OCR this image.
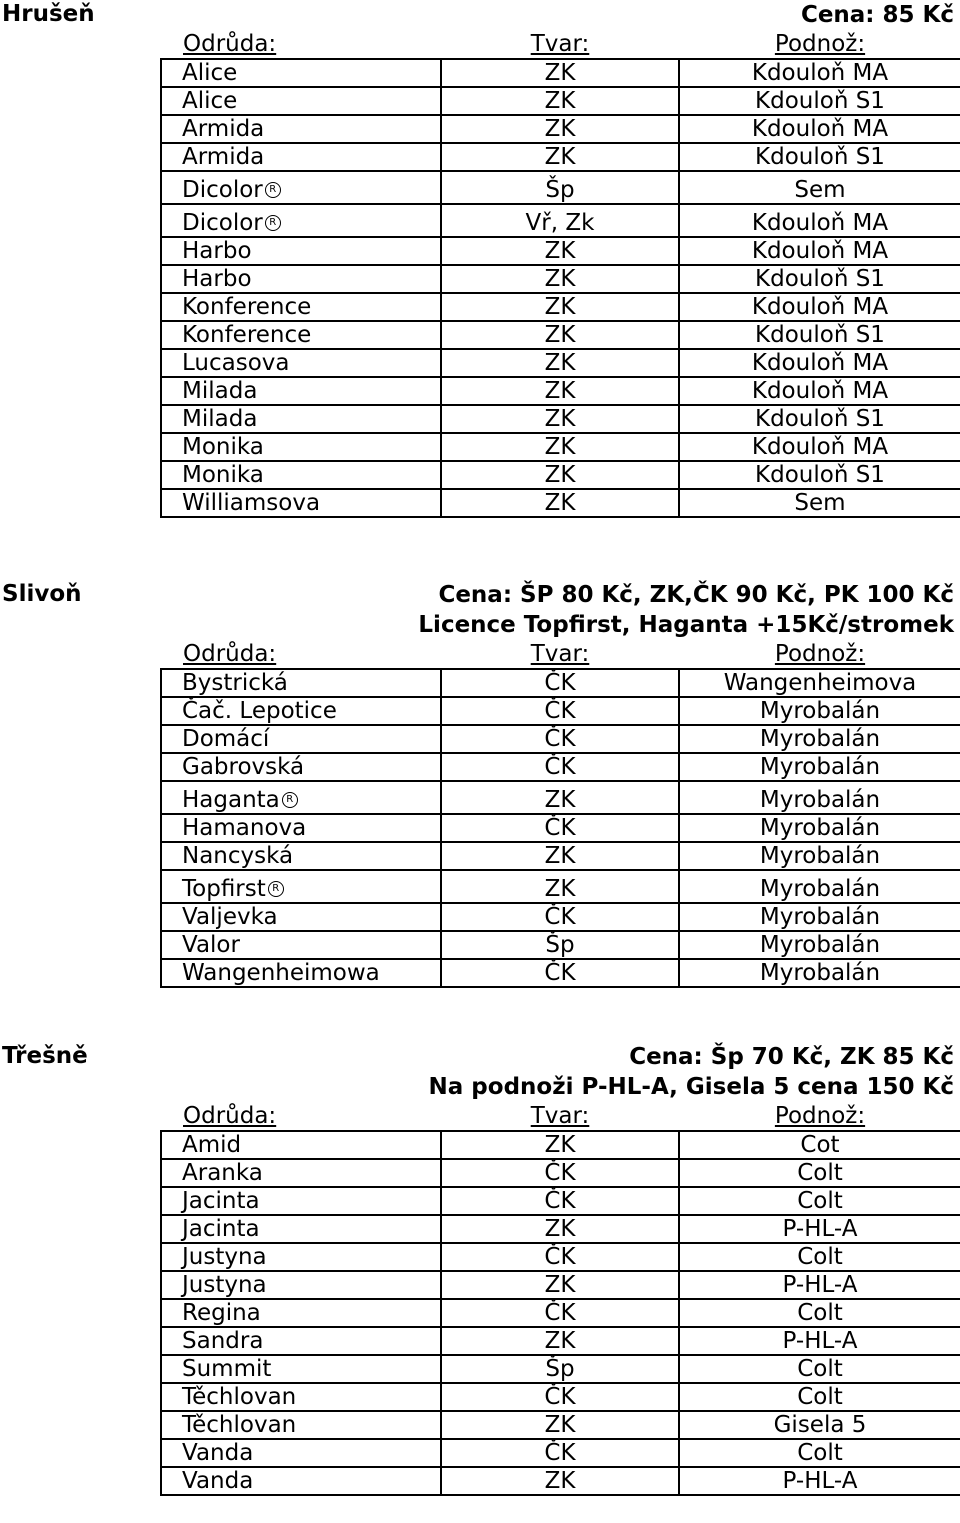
Hrušeň	Cena: 85 Kč
Odrůda:	Tvar:	Podnož:
Alice	ZK	Kdouloň MA
Alice	ZK	Kdouloň S1
Armida	ZK	Kdouloň MA
Armida	ZK	Kdouloň S1
Dicolor $^R$	Šp	Sem
Dicolor $^R$	Vř, Zk	Kdouloň MA
Harbo	ZK	Kdouloň MA
Harbo	ZK	Kdouloň S1
Konference	ZK	Kdouloň MA
Konference	ZK	Kdouloň S1
Lucasova	ZK	Kdouloň MA
Milada	ZK	Kdouloň MA
Milada	ZK	Kdouloň S1
Monika	ZK	Kdouloň MA
Monika	ZK	Kdouloň S1
Williamsova	ZK	Sem
Slivoň	Cena: ŠP 80 Kč, ZK,ČK 90 Kč, PK 100 Kč
Licence Topfirst, Haganta +15Kč/stromek
Odrůda:	Tvar:	Podnož:
Bystrická	ČK	Wangenheimova
Čač. Lepotice	ČK	Myrobalán
Domácí	ČK	Myrobalán
Gabrovská	ČK	Myrobalán
Haganta $^R$	ZK	Myrobalán
Hamanova	ČK	Myrobalán
Nancyská	ZK	Myrobalán
Topfirst $^R$	ZK	Myrobalán
Valjevka	ČK	Myrobalán
Valor	Šp	Myrobalán
Wangenheimowa	ČK	Myrobalán
Třešně	Cena: Šp 70 Kč, ZK 85 Kč
Na podnoži P-HL-A, Gisela 5 cena 150 Kč
Odrůda:	Tvar:	Podnož:
Amid	ZK	Cot
Aranka	ČK	Colt
Jacinta	ČK	Colt
Jacinta	ZK	P-HL-A
Justyna	ČK	Colt
Justyna	ZK	P-HL-A
Regina	ČK	Colt
Sandra	ZK	P-HL-A
Summit	Šp	Colt
Těchlovan	ČK	Colt
Těchlovan	ZK	Gisela 5
Vanda	ČK	Colt
Vanda	ZK	P-HL-A
